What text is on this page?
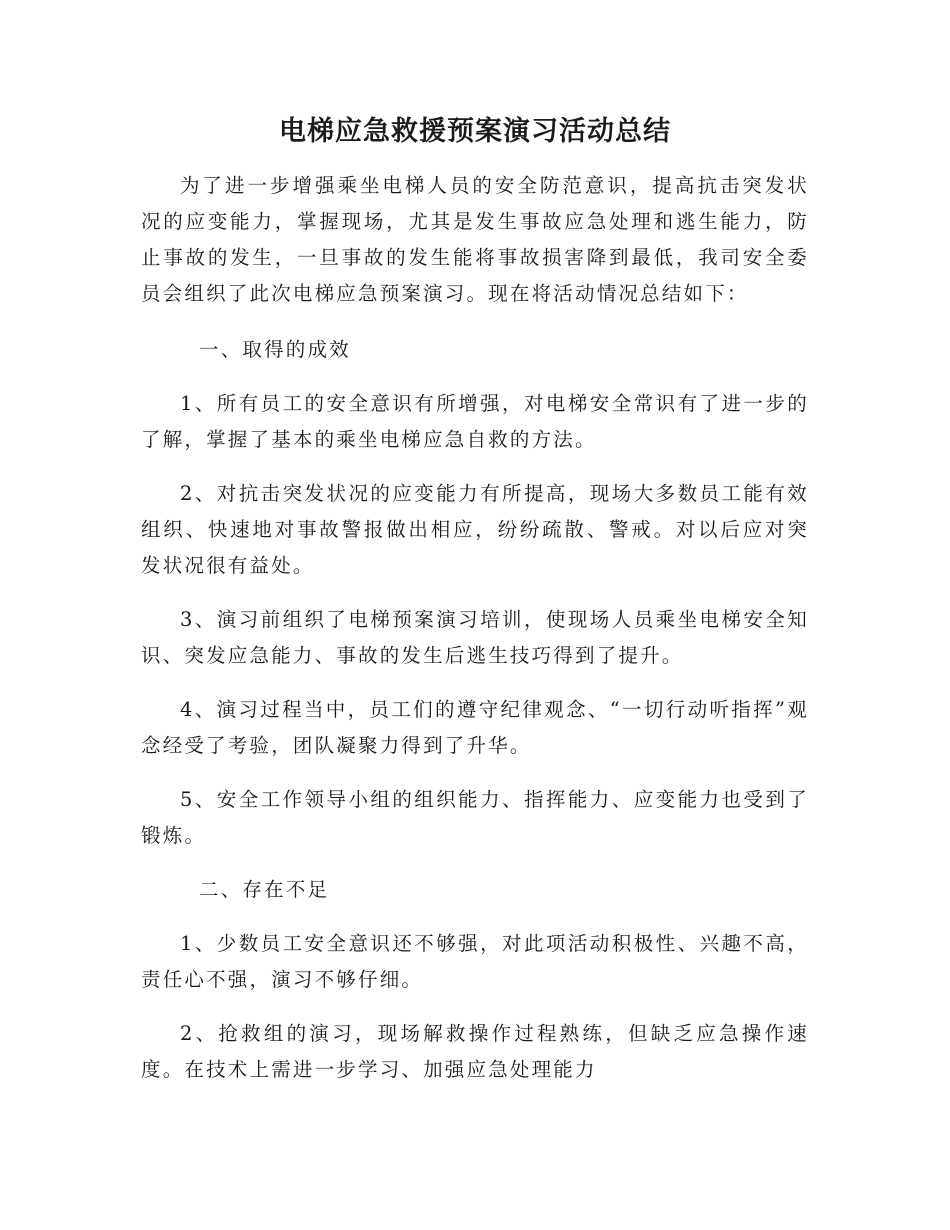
电梯应急救援预案演习活动总结

为了进一步增强乘坐电梯人员的安全防范意识，提高抗击突发状况的应变能力，掌握现场，尤其是发生事故应急处理和逃生能力，防止事故的发生，一旦事故的发生能将事故损害降到最低，我司安全委员会组织了此次电梯应急预案演习。现在将活动情况总结如下：

一、取得的成效

1、所有员工的安全意识有所增强，对电梯安全常识有了进一步的了解，掌握了基本的乘坐电梯应急自救的方法。

2、对抗击突发状况的应变能力有所提高，现场大多数员工能有效组织、快速地对事故警报做出相应，纷纷疏散、警戒。对以后应对突发状况很有益处。

3、演习前组织了电梯预案演习培训，使现场人员乘坐电梯安全知识、突发应急能力、事故的发生后逃生技巧得到了提升。

4、演习过程当中，员工们的遵守纪律观念、“一切行动听指挥”观念经受了考验，团队凝聚力得到了升华。

5、安全工作领导小组的组织能力、指挥能力、应变能力也受到了锻炼。

二、存在不足

1、少数员工安全意识还不够强，对此项活动积极性、兴趣不高，责任心不强，演习不够仔细。

2、抢救组的演习，现场解救操作过程熟练，但缺乏应急操作速度。在技术上需进一步学习、加强应急处理能力
